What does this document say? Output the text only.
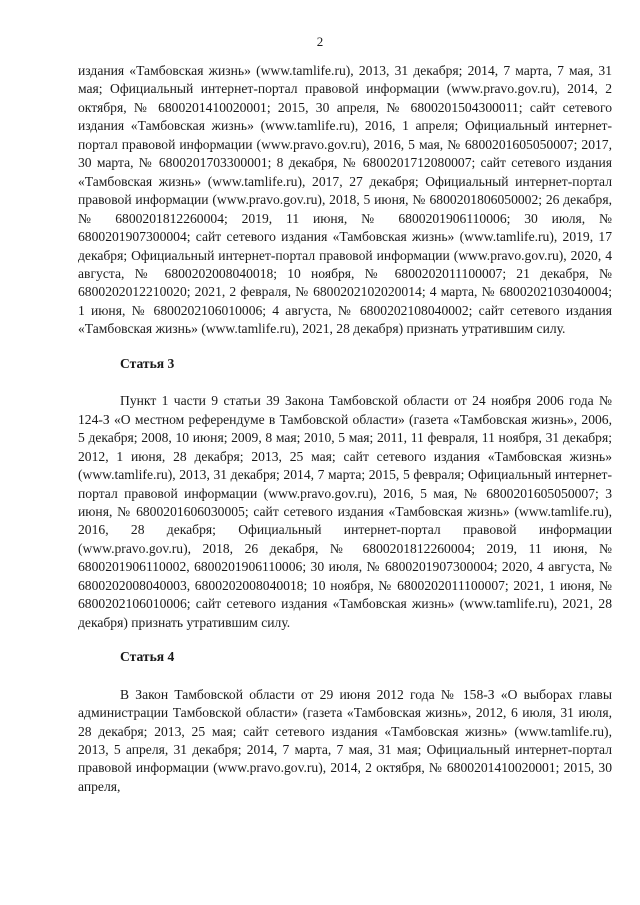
2

издания «Тамбовская жизнь» (www.tamlife.ru), 2013, 31 декабря; 2014, 7 марта, 7 мая, 31 мая; Официальный интернет-портал правовой информации (www.pravo.gov.ru), 2014, 2 октября, № 6800201410020001; 2015, 30 апреля, № 6800201504300011; сайт сетевого издания «Тамбовская жизнь» (www.tamlife.ru), 2016, 1 апреля; Официальный интернет-портал правовой информации (www.pravo.gov.ru), 2016, 5 мая, № 6800201605050007; 2017, 30 марта, № 6800201703300001; 8 декабря, № 6800201712080007; сайт сетевого издания «Тамбовская жизнь» (www.tamlife.ru), 2017, 27 декабря; Официальный интернет-портал правовой информации (www.pravo.gov.ru), 2018, 5 июня, № 6800201806050002; 26 декабря, № 6800201812260004; 2019, 11 июня, № 6800201906110006; 30 июля, № 6800201907300004; сайт сетевого издания «Тамбовская жизнь» (www.tamlife.ru), 2019, 17 декабря; Официальный интернет-портал правовой информации (www.pravo.gov.ru), 2020, 4 августа, № 6800202008040018; 10 ноября, № 6800202011100007; 21 декабря, № 6800202012210020; 2021, 2 февраля, № 6800202102020014; 4 марта, № 6800202103040004; 1 июня, № 6800202106010006; 4 августа, № 6800202108040002; сайт сетевого издания «Тамбовская жизнь» (www.tamlife.ru), 2021, 28 декабря) признать утратившим силу.

Статья 3

Пункт 1 части 9 статьи 39 Закона Тамбовской области от 24 ноября 2006 года № 124-З «О местном референдуме в Тамбовской области» (газета «Тамбовская жизнь», 2006, 5 декабря; 2008, 10 июня; 2009, 8 мая; 2010, 5 мая; 2011, 11 февраля, 11 ноября, 31 декабря; 2012, 1 июня, 28 декабря; 2013, 25 мая; сайт сетевого издания «Тамбовская жизнь» (www.tamlife.ru), 2013, 31 декабря; 2014, 7 марта; 2015, 5 февраля; Официальный интернет-портал правовой информации (www.pravo.gov.ru), 2016, 5 мая, № 6800201605050007; 3 июня, № 6800201606030005; сайт сетевого издания «Тамбовская жизнь» (www.tamlife.ru), 2016, 28 декабря; Официальный интернет-портал правовой информации (www.pravo.gov.ru), 2018, 26 декабря, № 6800201812260004; 2019, 11 июня, № 6800201906110002, 6800201906110006; 30 июля, № 6800201907300004; 2020, 4 августа, № 6800202008040003, 6800202008040018; 10 ноября, № 6800202011100007; 2021, 1 июня, № 6800202106010006; сайт сетевого издания «Тамбовская жизнь» (www.tamlife.ru), 2021, 28 декабря) признать утратившим силу.

Статья 4

В Закон Тамбовской области от 29 июня 2012 года № 158-З «О выборах главы администрации Тамбовской области» (газета «Тамбовская жизнь», 2012, 6 июля, 31 июля, 28 декабря; 2013, 25 мая; сайт сетевого издания «Тамбовская жизнь» (www.tamlife.ru), 2013, 5 апреля, 31 декабря; 2014, 7 марта, 7 мая, 31 мая; Официальный интернет-портал правовой информации (www.pravo.gov.ru), 2014, 2 октября, № 6800201410020001; 2015, 30 апреля,
